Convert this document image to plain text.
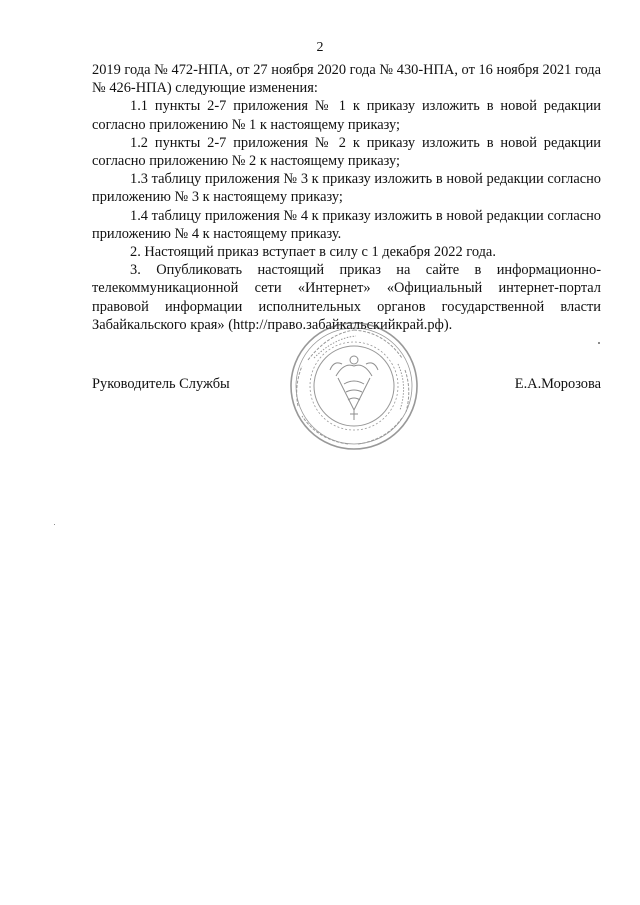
2

2019 года № 472-НПА, от 27 ноября 2020 года № 430-НПА, от 16 ноября 2021 года № 426-НПА) следующие изменения:

1.1 пункты 2-7 приложения № 1 к приказу изложить в новой редакции согласно приложению № 1 к настоящему приказу;

1.2 пункты 2-7 приложения № 2 к приказу изложить в новой редакции согласно приложению № 2 к настоящему приказу;

1.3 таблицу приложения № 3 к приказу изложить в новой редакции согласно приложению № 3 к настоящему приказу;

1.4 таблицу приложения № 4 к приказу изложить в новой редакции согласно приложению № 4 к настоящему приказу.

2. Настоящий приказ вступает в силу с 1 декабря 2022 года.

3. Опубликовать настоящий приказ на сайте в информационно-телекоммуникационной сети «Интернет» «Официальный интернет-портал правовой информации исполнительных органов государственной власти Забайкальского края» (http://право.забайкальскийкрай.рф).

Руководитель Службы	Е.А.Морозова
